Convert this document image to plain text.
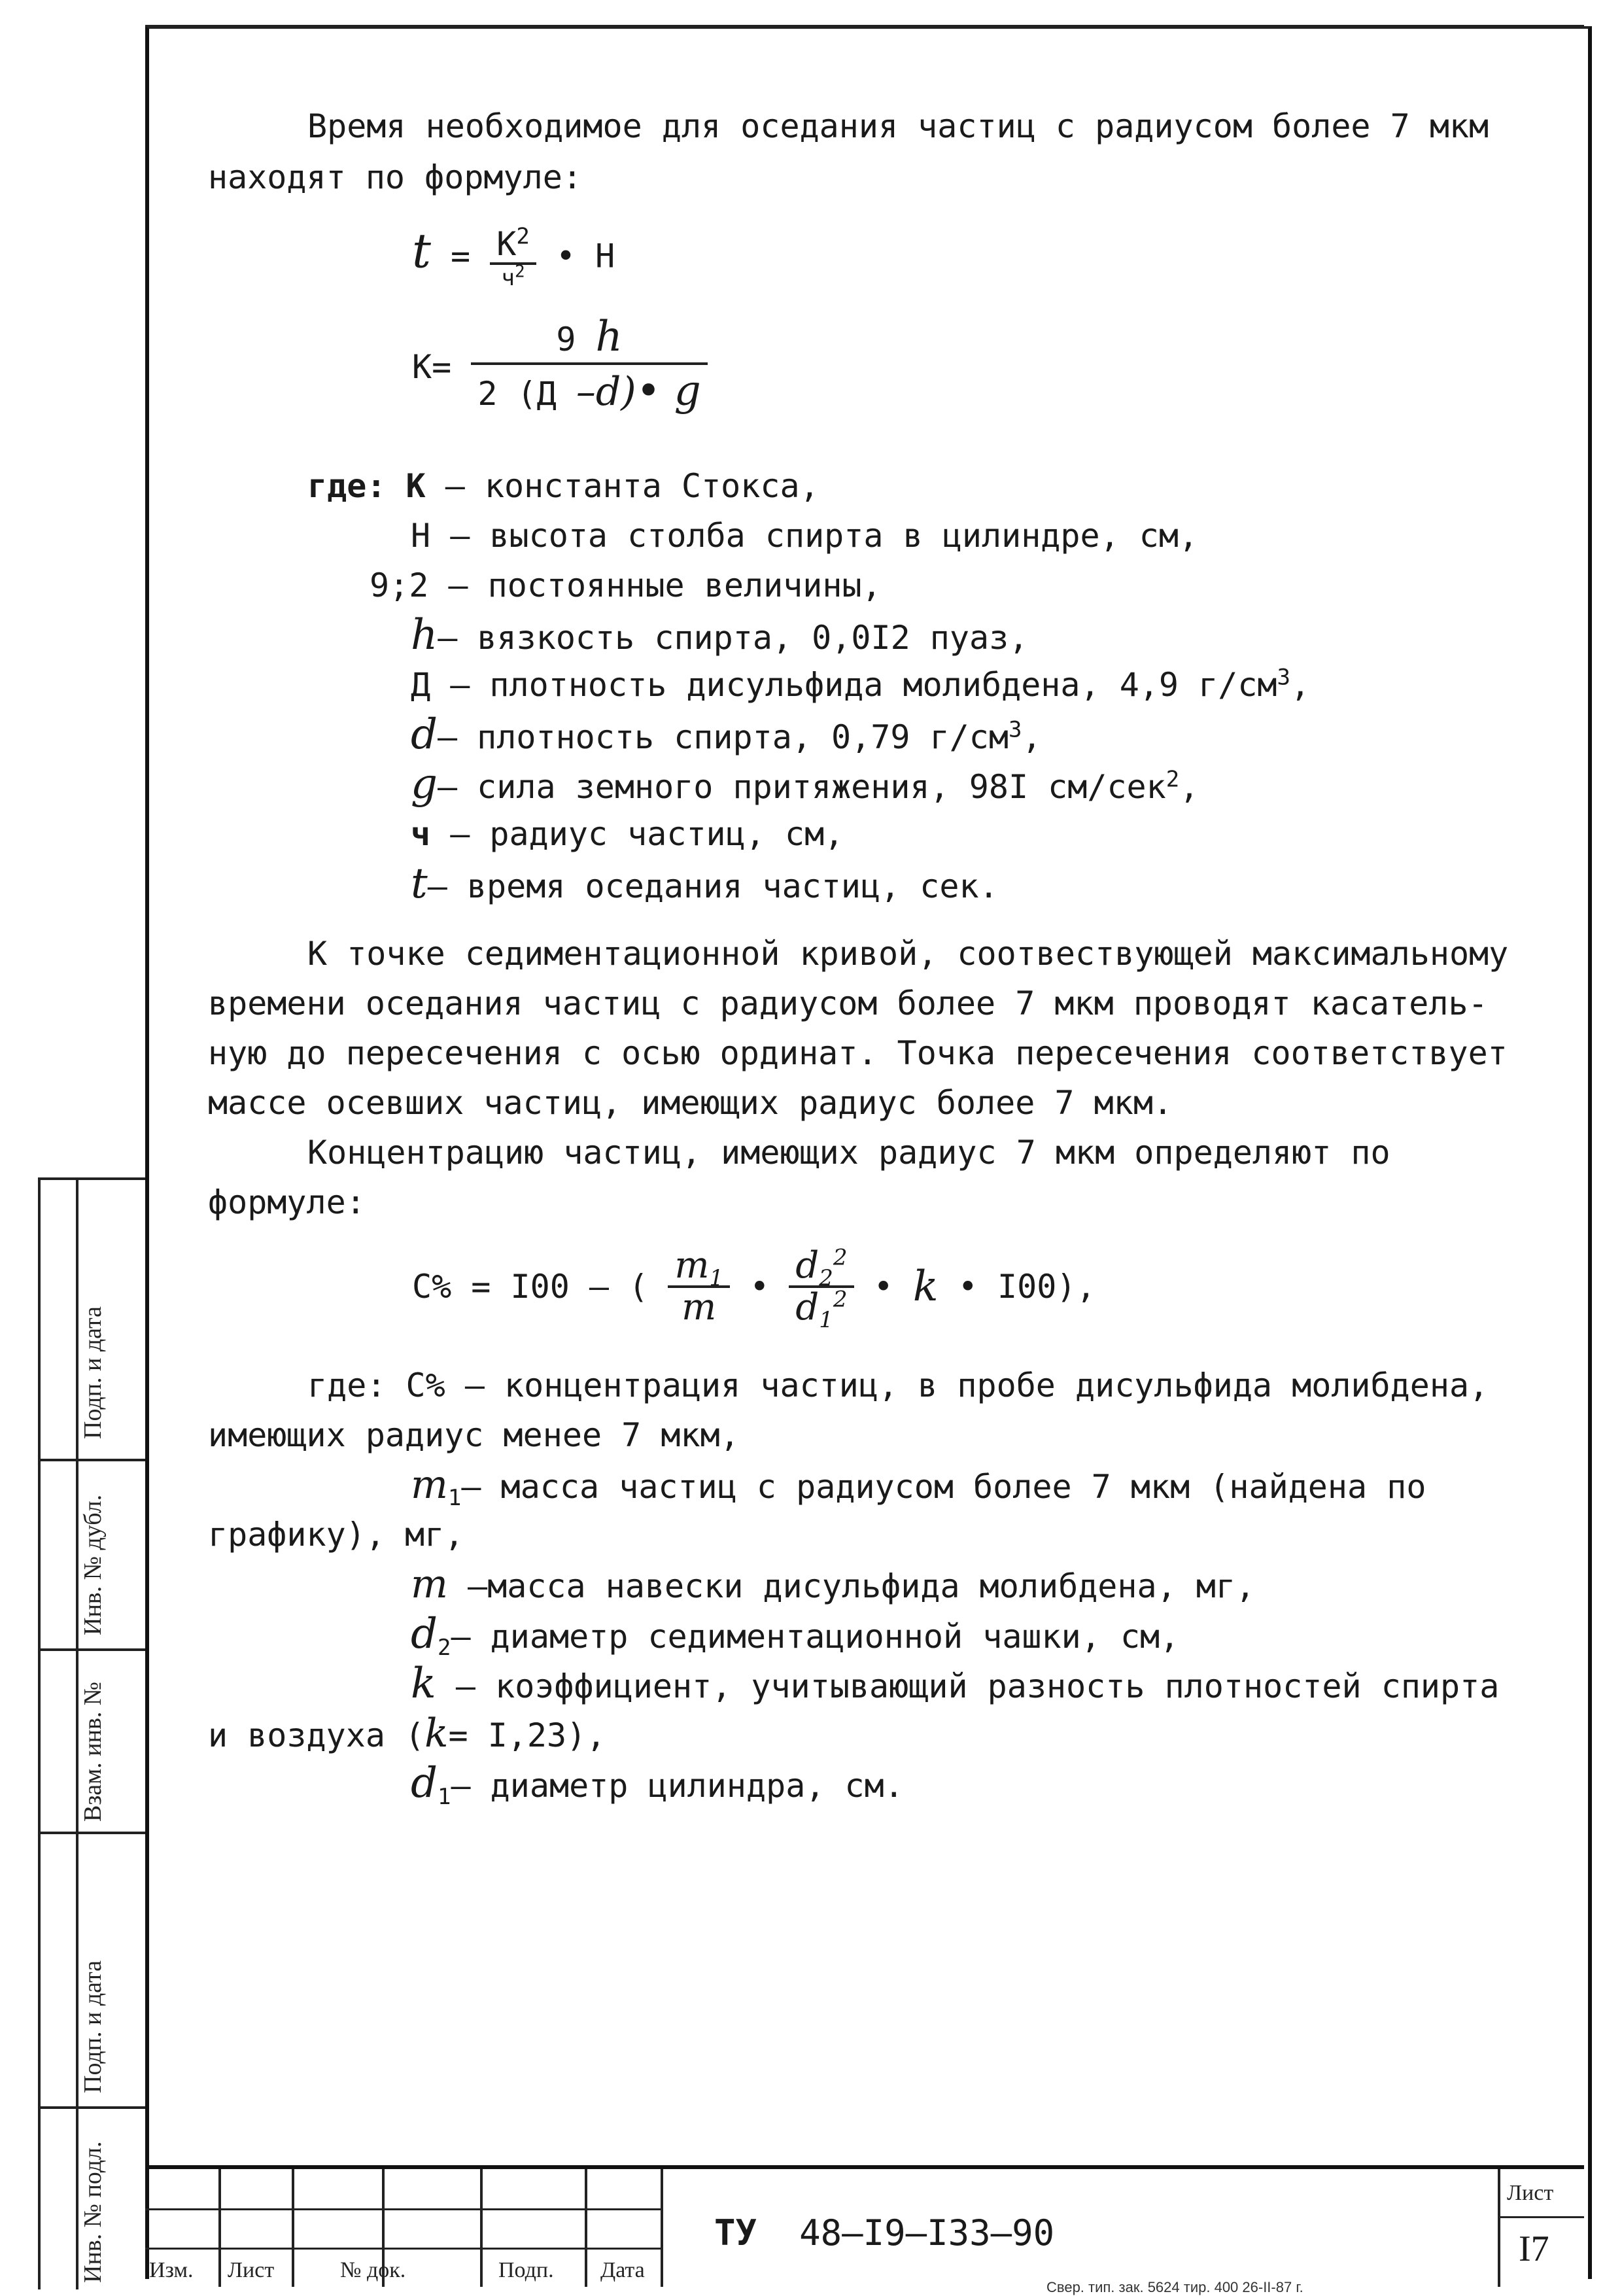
Время необходимое для оседания частиц с радиусом более 7 мкм
находят по формуле:
$t = \frac{К^2}{ч^2}$ • Н
$К= \frac{9 h}{2 (Д -d)• g}$
где: К – константа Стокса,
Н – высота столба спирта в цилиндре, см,
9;2 – постоянные величины,
h– вязкость спирта, 0,0I2 пуаз,
Д – плотность дисульфида молибдена, 4,9 $г/см^3$,
d– плотность спирта, 0,79 $г/см^3$,
g– сила земного притяжения, 98I см/сек$^2$,
ч – радиус частиц, см,
t– время оседания частиц, сек.
К точке седиментационной кривой, соотвествующей максимальному
времени оседания частиц с радиусом более 7 мкм проводят касатель-
ную до пересечения с осью ординат. Точка пересечения соответствует
массе осевших частиц, имеющих радиус более 7 мкм.
Концентрацию частиц, имеющих радиус 7 мкм определяют по
формуле:
С% = I00 – ( $\frac{m_1}{m}$ • $\frac{d_2^2}{d_1^2}$ • k • I00),
где: С% – концентрация частиц, в пробе дисульфида молибдена,
имеющих радиус менее 7 мкм,
$m_1-$ масса частиц с радиусом более 7 мкм (найдена по
графику), мг,
m –масса навески дисульфида молибдена, мг,
$d_2-$ диаметр седиментационной чашки, см,
k – коэффициент, учитывающий разность плотностей спирта
и воздуха (k= I,23),
$d_1-$ диаметр цилиндра, см.
Подп. и дата
Инв. № дубл.
Взам. инв. №
Подп. и дата
Инв. № подл. Изм. Лист	№ док.	Подп. Дата
ТУ 48–I9–I33–90
Лист
I7
Свер. тип. зак. 5624 тир. 400 26-II-87 г.
